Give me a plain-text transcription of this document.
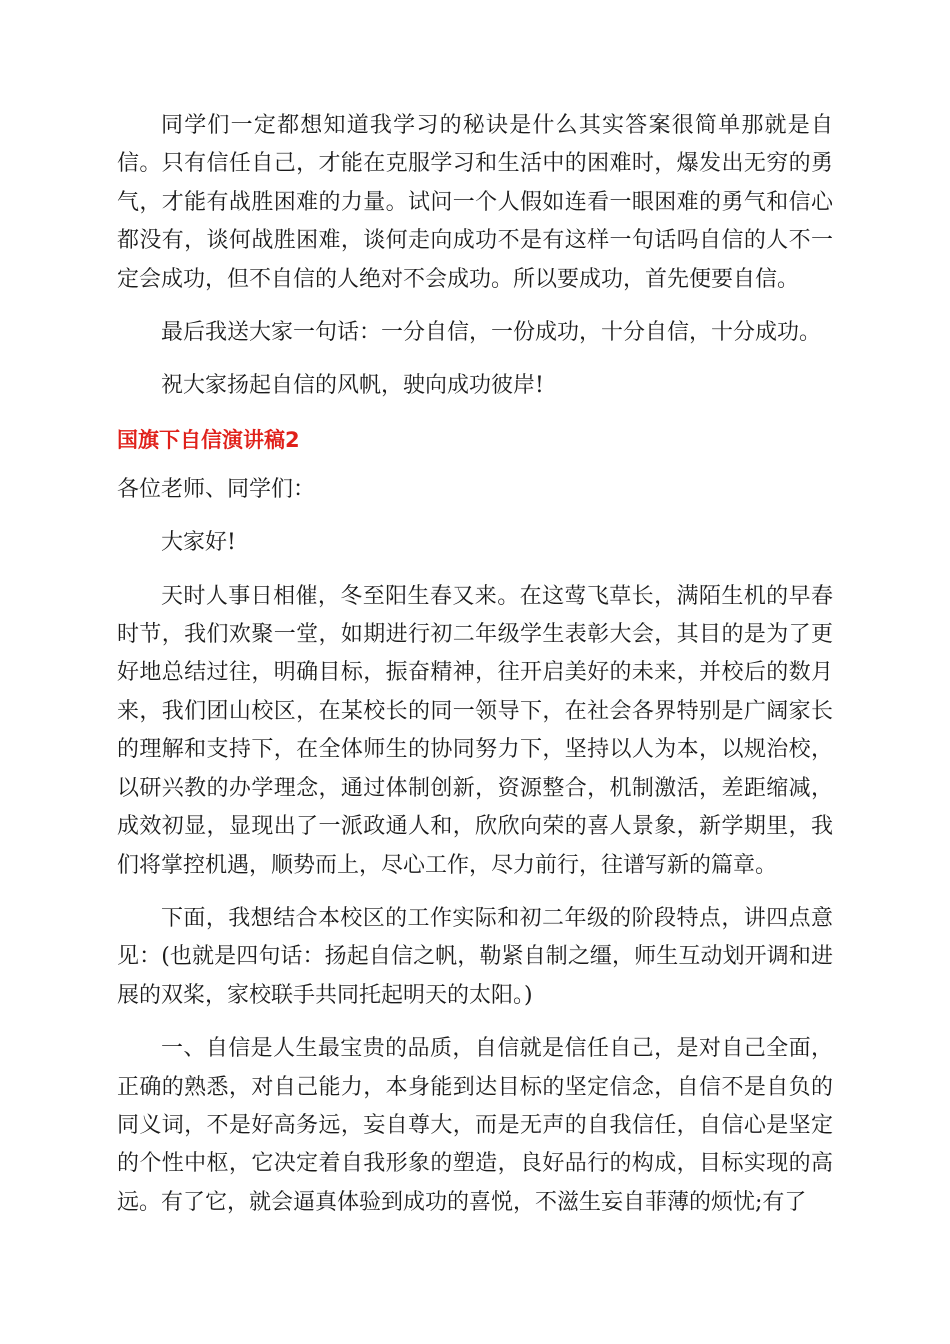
同学们一定都想知道我学习的秘诀是什么其实答案很简单那就是自信。只有信任自己，才能在克服学习和生活中的困难时，爆发出无穷的勇气，才能有战胜困难的力量。试问一个人假如连看一眼困难的勇气和信心都没有，谈何战胜困难，谈何走向成功不是有这样一句话吗自信的人不一定会成功，但不自信的人绝对不会成功。所以要成功，首先便要自信。

最后我送大家一句话：一分自信，一份成功，十分自信，十分成功。

祝大家扬起自信的风帆，驶向成功彼岸!

国旗下自信演讲稿2

各位老师、同学们：

大家好!

天时人事日相催，冬至阳生春又来。在这莺飞草长，满陌生机的早春时节，我们欢聚一堂，如期进行初二年级学生表彰大会，其目的是为了更好地总结过往，明确目标，振奋精神，往开启美好的未来，并校后的数月来，我们团山校区，在某校长的同一领导下，在社会各界特别是广阔家长的理解和支持下，在全体师生的协同努力下，坚持以人为本，以规治校，以研兴教的办学理念，通过体制创新，资源整合，机制激活，差距缩减，成效初显，显现出了一派政通人和，欣欣向荣的喜人景象，新学期里，我们将掌控机遇，顺势而上，尽心工作，尽力前行，往谱写新的篇章。

下面，我想结合本校区的工作实际和初二年级的阶段特点，讲四点意见：(也就是四句话：扬起自信之帆，勒紧自制之缰，师生互动划开调和进展的双桨，家校联手共同托起明天的太阳。)

一、自信是人生最宝贵的品质，自信就是信任自己，是对自己全面，正确的熟悉，对自己能力，本身能到达目标的坚定信念，自信不是自负的同义词，不是好高务远，妄自尊大，而是无声的自我信任，自信心是坚定的个性中枢，它决定着自我形象的塑造，良好品行的构成，目标实现的高远。有了它，就会逼真体验到成功的喜悦，不滋生妄自菲薄的烦忧;有了
